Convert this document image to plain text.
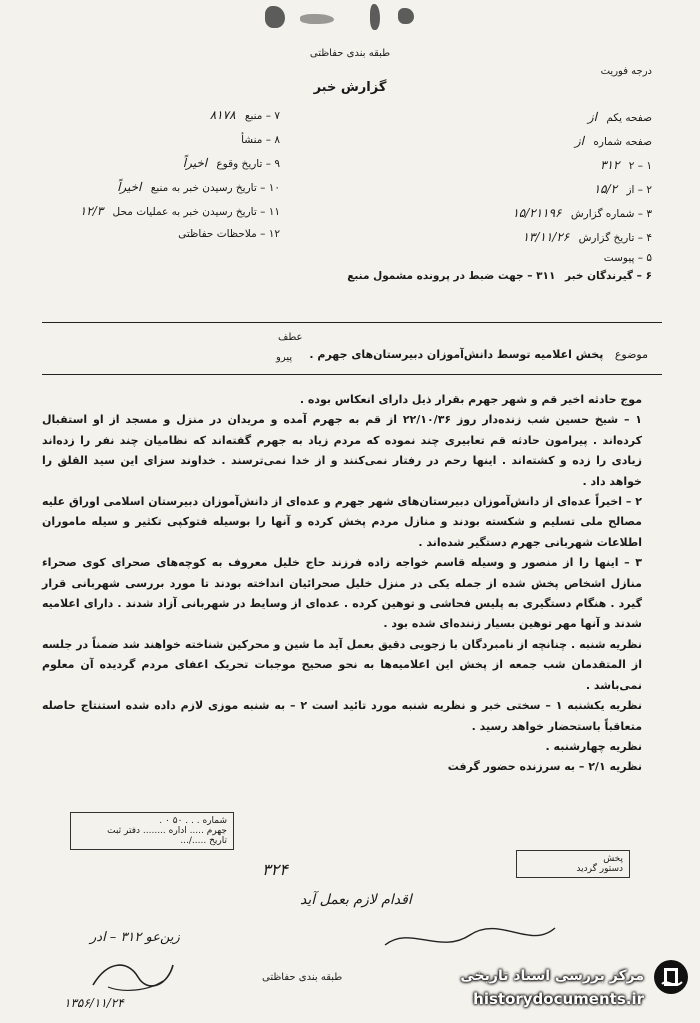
طبقه بندی حفاظتی
درجه فوریت
گزارش خبر
۷ – منبع ۸۱۷۸
۸ – منشأ
۹ – تاریخ وقوع اخیراً
۱۰ – تاریخ رسیدن خبر به منبع اخیراً
۱۱ – تاریخ رسیدن خبر به عملیات محل ۱۲/۳
۱۲ – ملاحظات حفاظتی
صفحه یکم از
صفحه شماره از
۱ – ۲ ۳۱۲
۲ – از ۱۵/۲
۳ – شماره گزارش ۱۵/۲۱۱۹۶
۴ – تاریخ گزارش ۱۳/۱۱/۲۶
۵ – پیوست
۶ – گیرندگان خبر ۳۱۱ – جهت ضبط در پرونده مشمول منبع
عطف
پیرو	موضوع پخش اعلامیه توسط دانش‌آموزان دبیرستان‌های جهرم .

موج حادثه اخیر قم و شهر جهرم بقرار ذیل دارای انعکاس بوده .

۱ – شیخ حسین شب زنده‌دار روز ۲۲/۱۰/۳۶ از قم به جهرم آمده و مریدان در منزل و مسجد از او استقبال کرده‌اند . پیرامون حادثه قم تعابیری چند نموده که مردم زیاد به جهرم گفته‌اند که نظامیان چند نفر را زده‌اند زیادی را زده و کشته‌اند . اینها رحم در رفتار نمی‌کنند و از خدا نمی‌ترسند . خداوند سزای این سید القلق را خواهد داد .

۲ – اخیراً عده‌ای از دانش‌آموزان دبیرستان‌های شهر جهرم و عده‌ای از دانش‌آموزان دبیرستان اسلامی اوراق علیه مصالح ملی تسلیم و شکسته بودند و منازل مردم پخش کرده و آنها را بوسیله فتوکپی تکثیر و سیله ماموران اطلاعات شهربانی جهرم دستگیر شده‌اند .

۳ – اینها را از منصور و وسیله قاسم خواجه زاده فرزند حاج خلیل معروف به کوچه‌های صحرای کوی صحراء منازل اشخاص پخش شده از جمله یکی در منزل خلیل صحرائیان انداخته بودند تا مورد بررسی شهربانی قرار گیرد . هنگام دستگیری به پلیس فحاشی و توهین کرده . عده‌ای از وسایط در شهربانی آزاد شدند . دارای اعلامیه شدند و آنها مهر توهین بسیار زننده‌ای شده بود .

نظریه شنبه . چنانچه از نامبردگان با زجویی دقیق بعمل آید ما شین و محرکین شناخته خواهند شد ضمناً در جلسه از المتقدمان شب جمعه از پخش این اعلامیه‌ها به نحو صحیح موجبات تحریک اعفای مردم گردیده آن معلوم نمی‌باشد .

نظریه یکشنبه ۱ – سختی خبر و نظریه شنبه مورد تائید است ۲ – به شنبه موزی لازم داده شده استنتاج حاصله متعاقباً باستحضار خواهد رسید .

نظریه چهارشنبه .

نظریه ۲/۱ – به سرزنده حضور گرفت

شماره . . . ۵۰ ۰ .
جهرم ..... اداره ........ دفتر ثبت
تاریخ ...../...
پخش
دستور گردید
۳۲۴
اقدام لازم بعمل آید
زین‌عو ۳۱۲ – ادر
۱۳۵۶/۱۱/۲۴
طبقه بندی حفاظتی	مرکز بررسی اسناد تاریخی
historydocuments.ir
